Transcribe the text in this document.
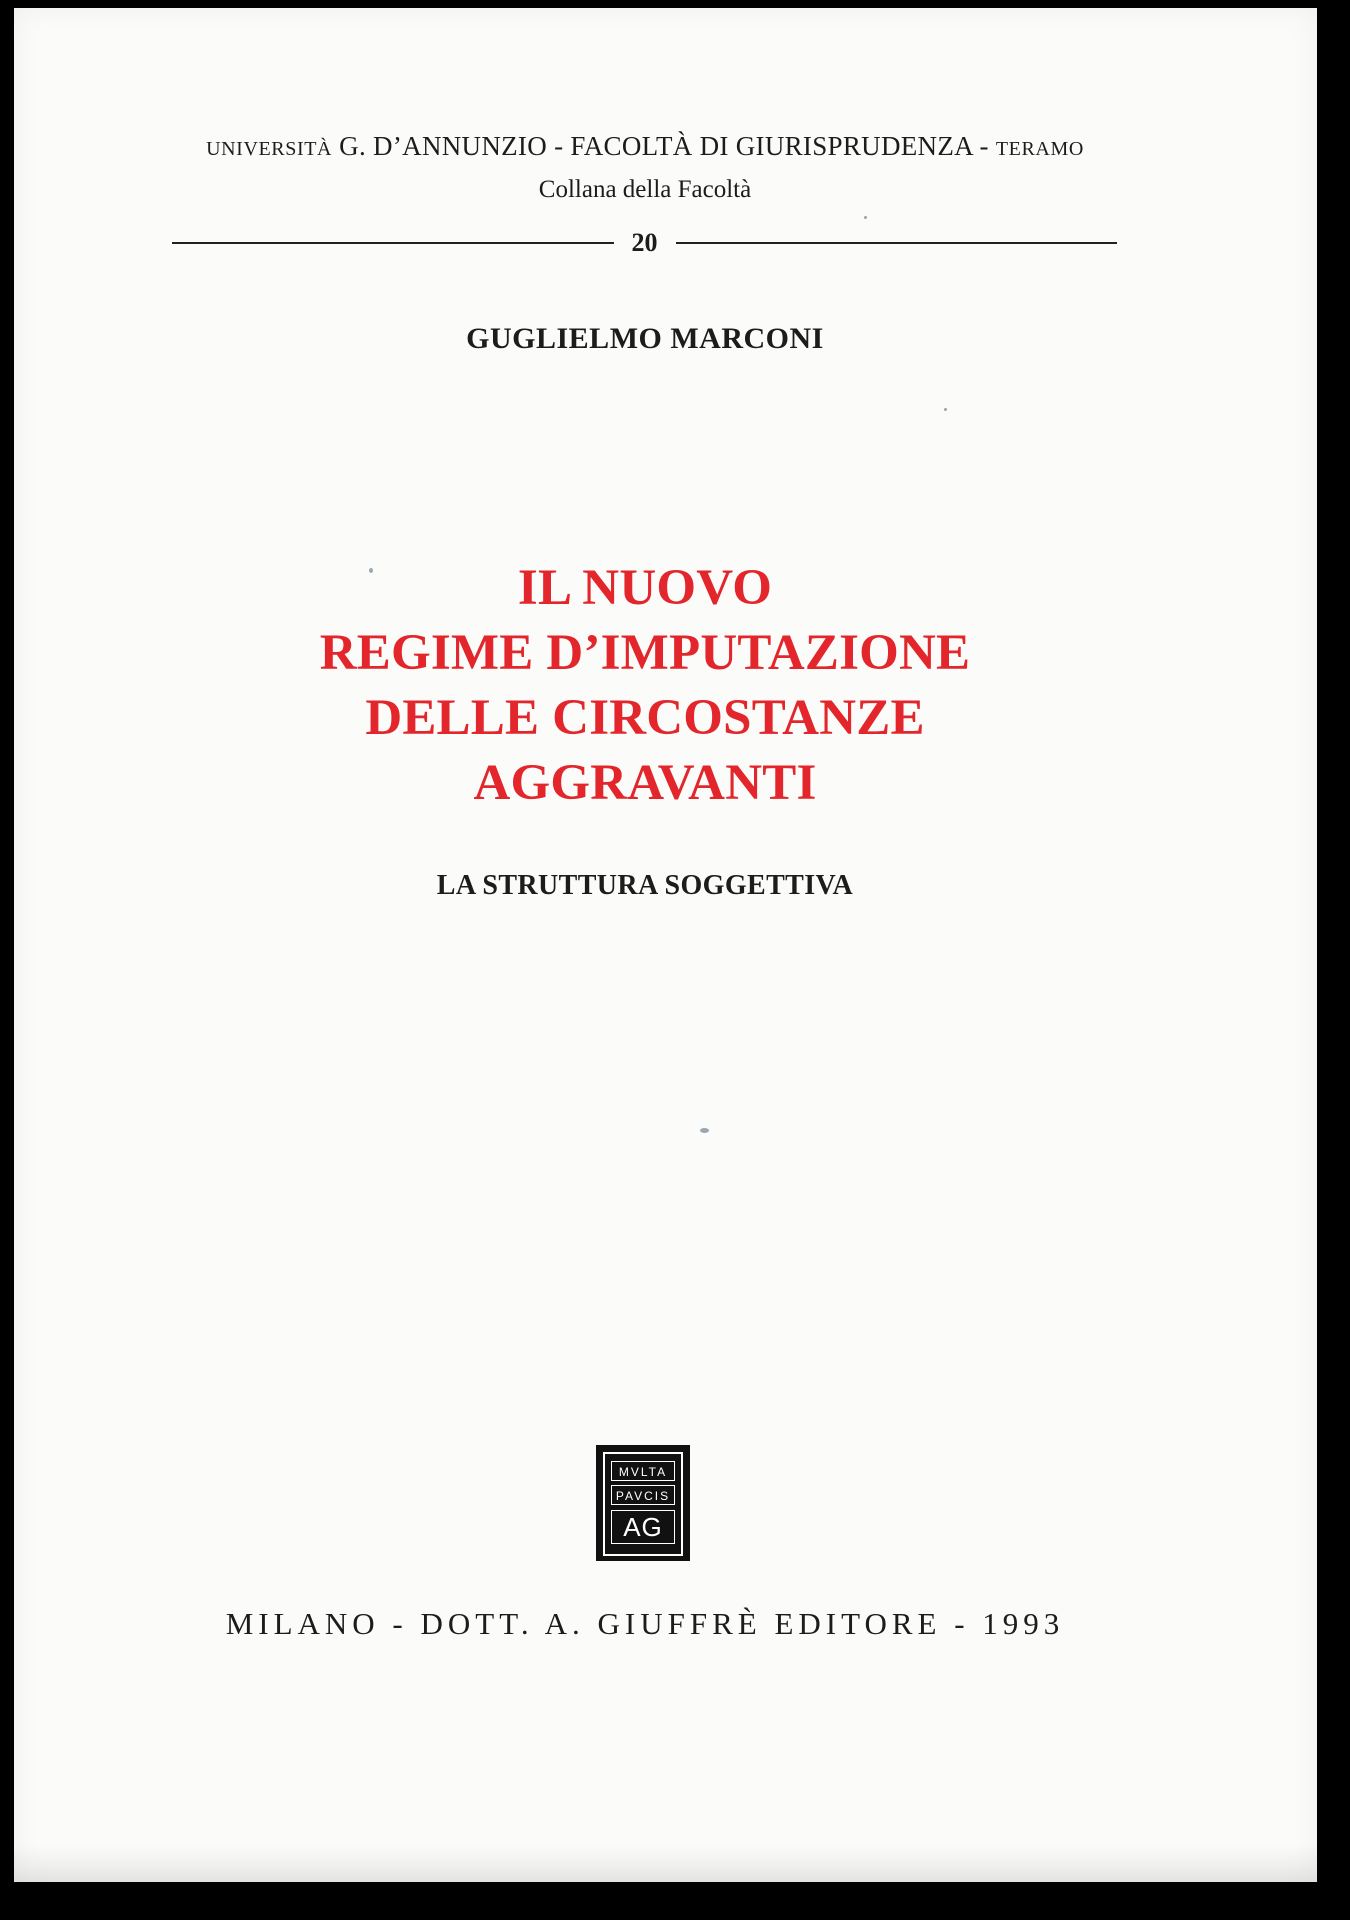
UNIVERSITÀ G. D’ANNUNZIO - FACOLTÀ DI GIURISPRUDENZA - TERAMO
Collana della Facoltà
20
GUGLIELMO MARCONI
IL NUOVO
REGIME D’IMPUTAZIONE
DELLE CIRCOSTANZE
AGGRAVANTI
LA STRUTTURA SOGGETTIVA
MVLTA
PAVCIS
AG
MILANO - DOTT. A. GIUFFRÈ EDITORE - 1993
